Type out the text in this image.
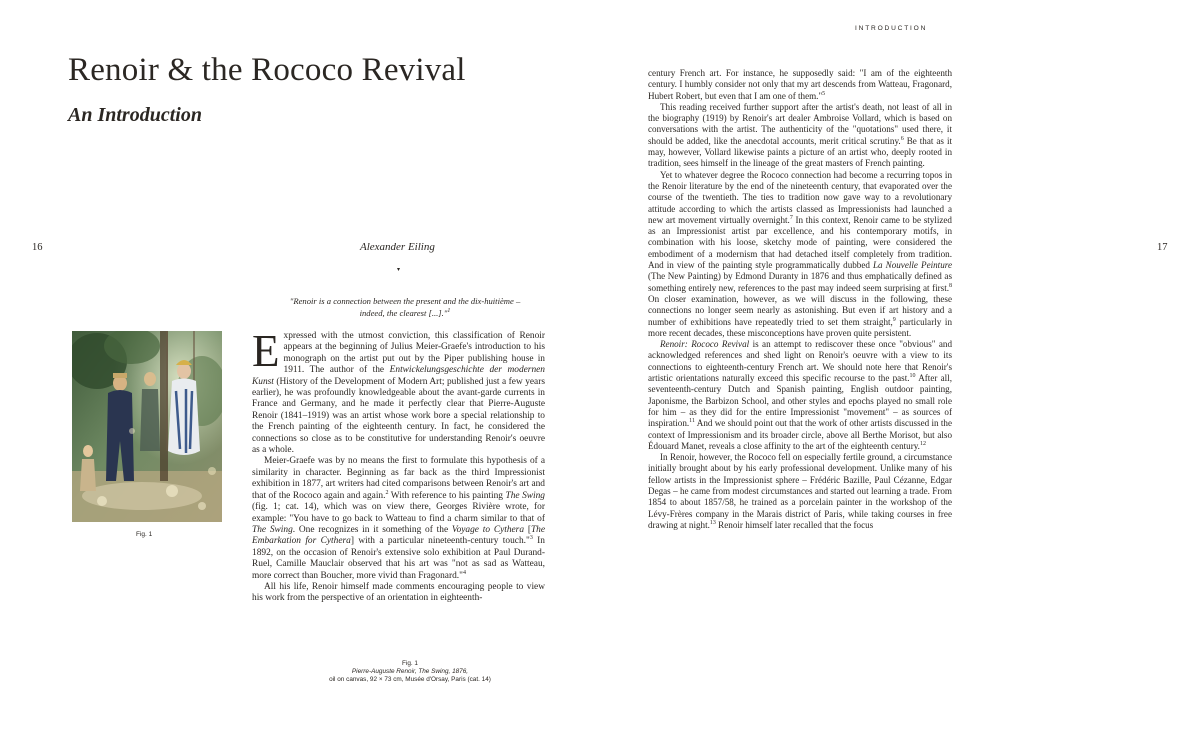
Renoir & the Rococo Revival
An Introduction
16	Alexander Eiling
▾
"Renoir is a connection between the present and the dix-huitième –
indeed, the clearest [...]."$^1$
Fig. 1

Expressed with the utmost conviction, this classification of Renoir appears at the beginning of Julius Meier-Graefe's introduction to his monograph on the artist put out by the Piper publishing house in 1911. The author of the Entwickelungsgeschichte der modernen Kunst (History of the Development of Modern Art; published just a few years earlier), he was profoundly knowledgeable about the avant-garde currents in France and Germany, and he made it perfectly clear that Pierre-Auguste Renoir (1841–1919) was an artist whose work bore a special relationship to the French painting of the eighteenth century. In fact, he considered the connections so close as to be constitutive for understanding Renoir's oeuvre as a whole.

Meier-Graefe was by no means the first to formulate this hypothesis of a similarity in character. Beginning as far back as the third Impressionist exhibition in 1877, art writers had cited comparisons between Renoir's art and that of the Rococo again and again.$^2$ With reference to his painting The Swing (fig. 1; cat. 14), which was on view there, Georges Rivière wrote, for example: "You have to go back to Watteau to find a charm similar to that of The Swing. One recognizes in it something of the Voyage to Cythera [The Embarkation for Cythera] with a particular nineteenth-century touch."$^3$ In 1892, on the occasion of Renoir's extensive solo exhibition at Paul Durand-Ruel, Camille Mauclair observed that his art was "not as sad as Watteau, more correct than Boucher, more vivid than Fragonard."$^4$

All his life, Renoir himself made comments encouraging people to view his work from the perspective of an orientation in eighteenth-

Fig. 1
Pierre-Auguste Renoir, The Swing, 1876,
oil on canvas, 92 × 73 cm, Musée d'Orsay, Paris (cat. 14)
INTRODUCTION
17

century French art. For instance, he supposedly said: "I am of the eighteenth century. I humbly consider not only that my art descends from Watteau, Fragonard, Hubert Robert, but even that I am one of them."$^5$

This reading received further support after the artist's death, not least of all in the biography (1919) by Renoir's art dealer Ambroise Vollard, which is based on conversations with the artist. The authenticity of the "quotations" used there, it should be added, like the anecdotal accounts, merit critical scrutiny.$^6$ Be that as it may, however, Vollard likewise paints a picture of an artist who, deeply rooted in tradition, sees himself in the lineage of the great masters of French painting.

Yet to whatever degree the Rococo connection had become a recurring topos in the Renoir literature by the end of the nineteenth century, that evaporated over the course of the twentieth. The ties to tradition now gave way to a revolutionary attitude according to which the artists classed as Impressionists had launched a new art movement virtually overnight.$^7$ In this context, Renoir came to be stylized as an Impressionist artist par excellence, and his contemporary motifs, in combination with his loose, sketchy mode of painting, were considered the embodiment of a modernism that had detached itself completely from tradition. And in view of the painting style programmatically dubbed La Nouvelle Peinture (The New Painting) by Edmond Duranty in 1876 and thus emphatically defined as something entirely new, references to the past may indeed seem surprising at first.$^8$ On closer examination, however, as we will discuss in the following, these connections no longer seem nearly as astonishing. But even if art history and a number of exhibitions have repeatedly tried to set them straight,$^9$ particularly in more recent decades, these misconceptions have proven quite persistent.

Renoir: Rococo Revival is an attempt to rediscover these once "obvious" and acknowledged references and shed light on Renoir's oeuvre with a view to its connections to eighteenth-century French art. We should note here that Renoir's artistic orientations naturally exceed this specific recourse to the past.$^{10}$ After all, seventeenth-century Dutch and Spanish painting, English outdoor painting, Japonisme, the Barbizon School, and other styles and epochs played no small role for him – as they did for the entire Impressionist "movement" – as sources of inspiration.$^{11}$ And we should point out that the work of other artists discussed in the context of Impressionism and its broader circle, above all Berthe Morisot, but also Édouard Manet, reveals a close affinity to the art of the eighteenth century.$^{12}$

In Renoir, however, the Rococo fell on especially fertile ground, a circumstance initially brought about by his early professional development. Unlike many of his fellow artists in the Impressionist sphere – Frédéric Bazille, Paul Cézanne, Edgar Degas – he came from modest circumstances and started out learning a trade. From 1854 to about 1857/58, he trained as a porcelain painter in the workshop of the Lévy-Frères company in the Marais district of Paris, while taking courses in free drawing at night.$^{13}$ Renoir himself later recalled that the focus
